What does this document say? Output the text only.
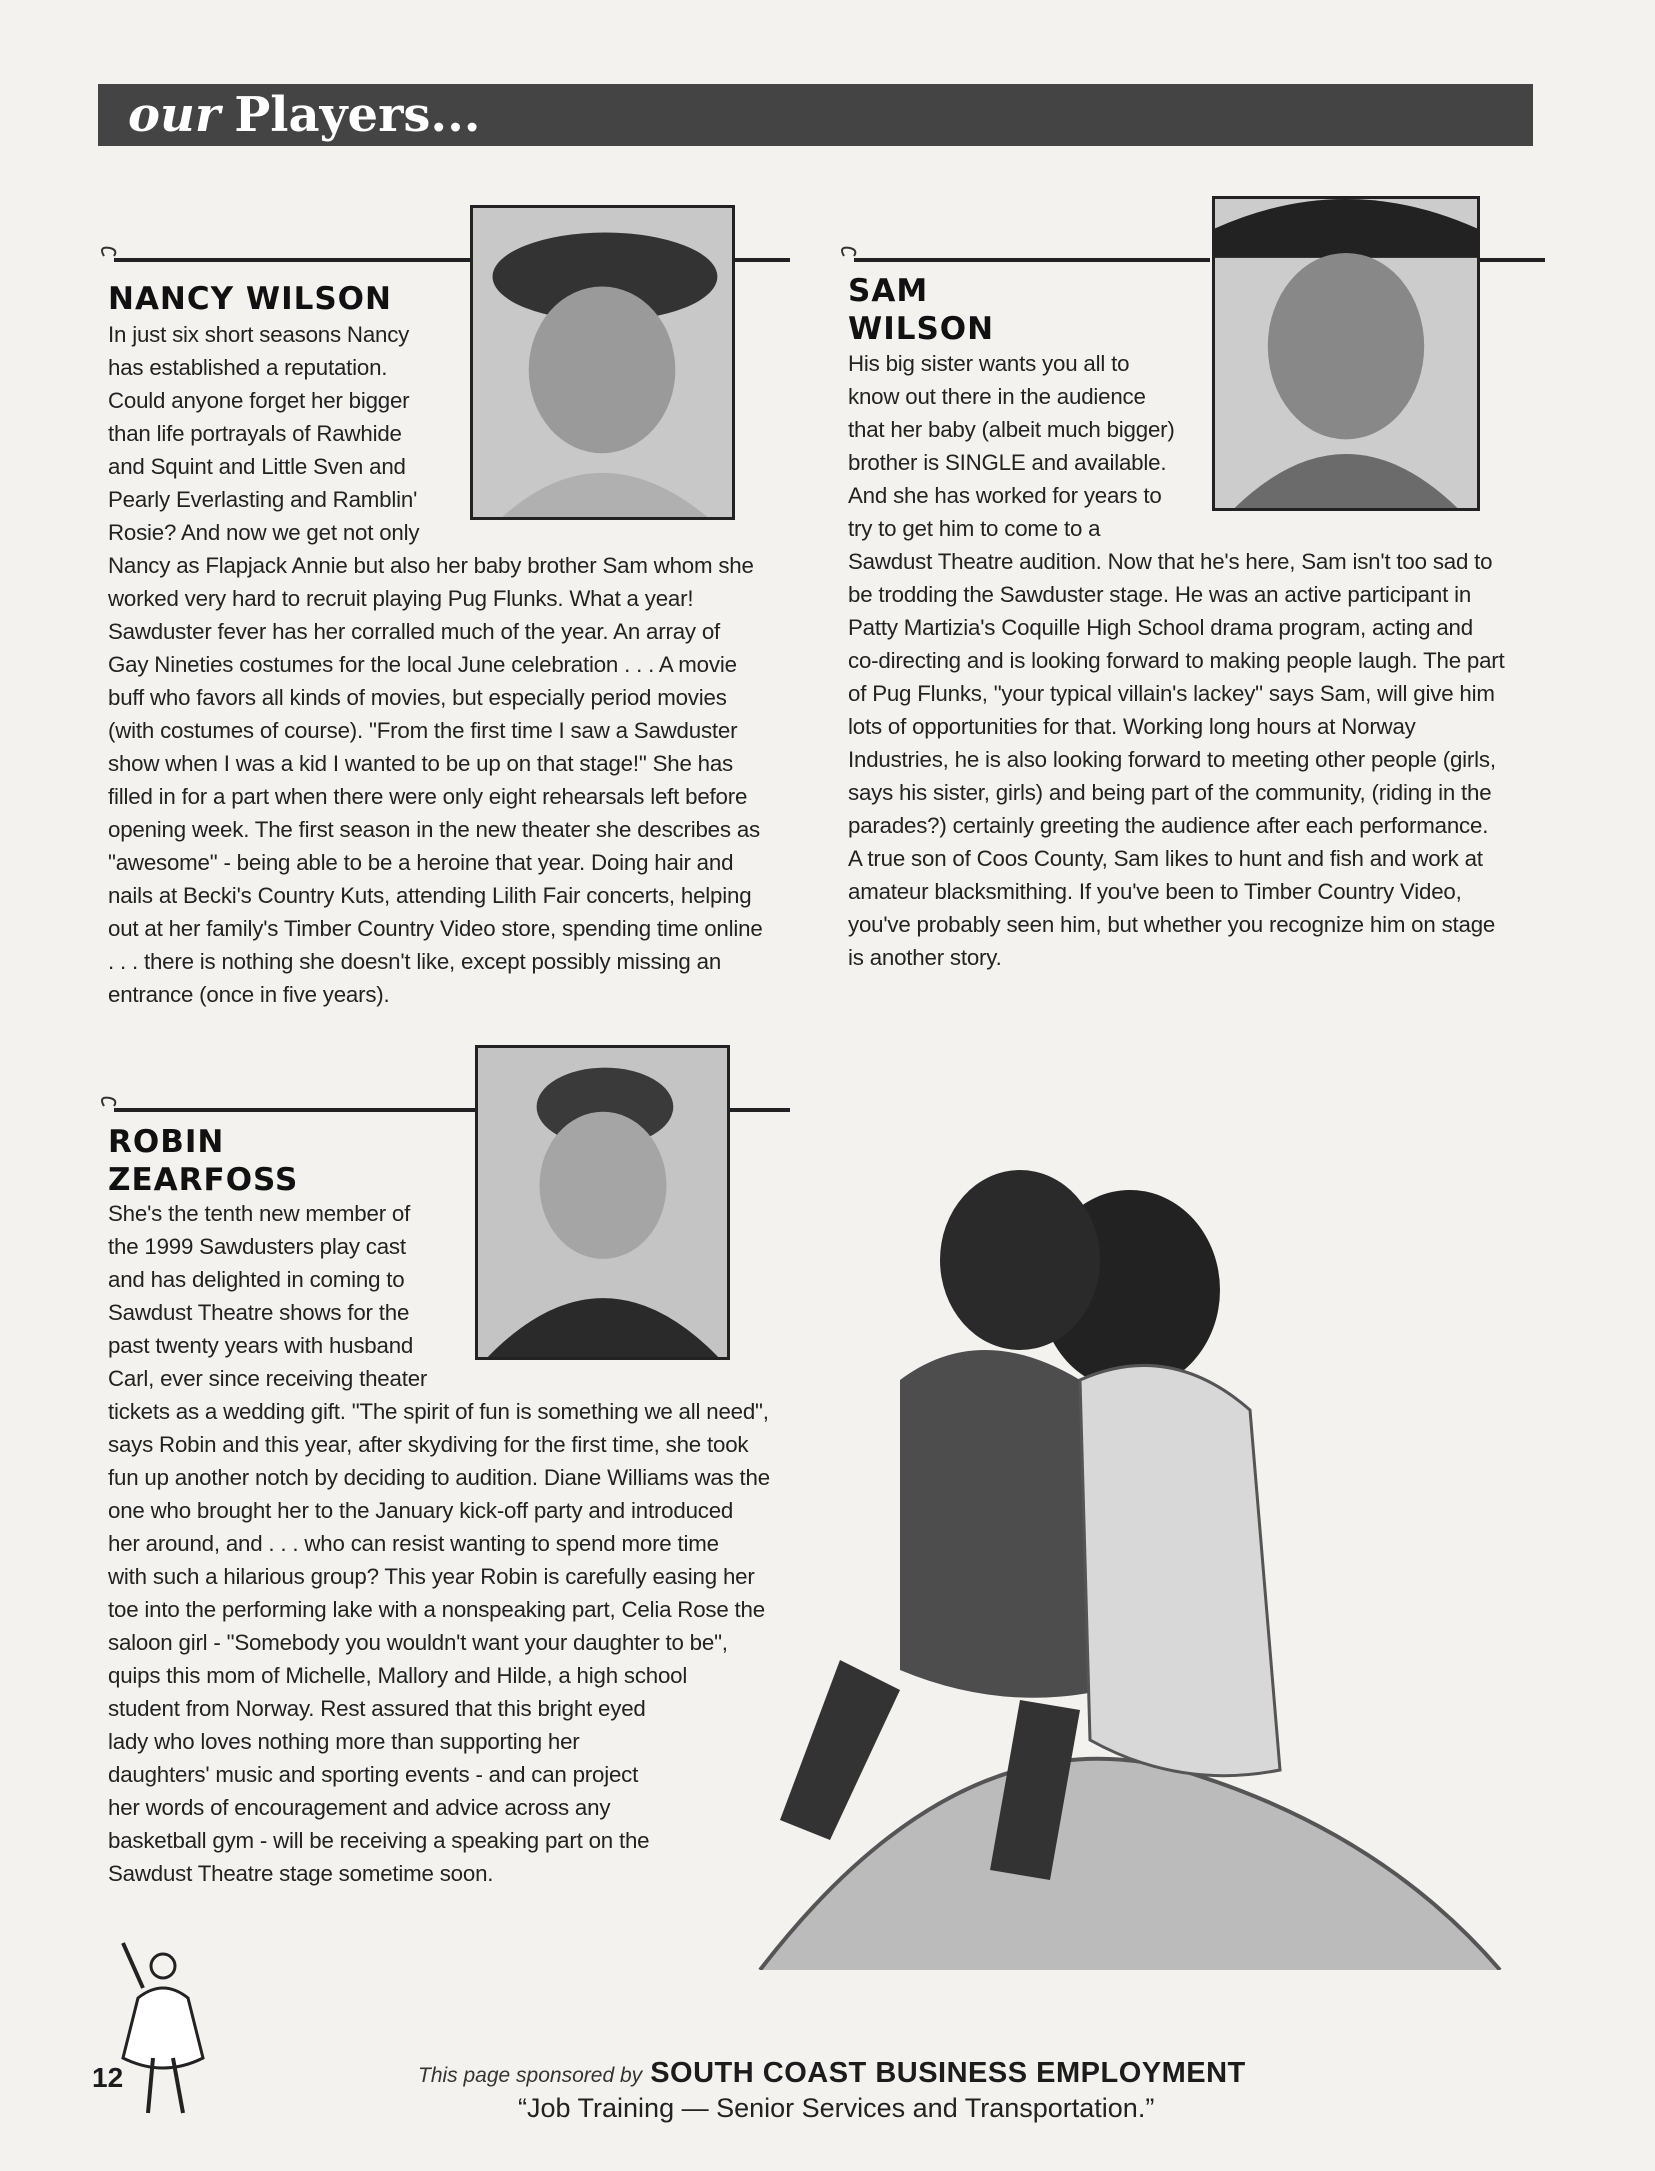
our Players...
NANCY WILSON	SAM
WILSON
ROBIN
ZEARFOSS
In just six short seasons Nancy
has established a reputation.
Could anyone forget her bigger
than life portrayals of Rawhide
and Squint and Little Sven and
Pearly Everlasting and Ramblin'
Rosie? And now we get not only
Nancy as Flapjack Annie but also her baby brother Sam whom she
worked very hard to recruit playing Pug Flunks. What a year!
Sawduster fever has her corralled much of the year. An array of
Gay Nineties costumes for the local June celebration . . . A movie
buff who favors all kinds of movies, but especially period movies
(with costumes of course). "From the first time I saw a Sawduster
show when I was a kid I wanted to be up on that stage!" She has
filled in for a part when there were only eight rehearsals left before
opening week. The first season in the new theater she describes as
"awesome" - being able to be a heroine that year. Doing hair and
nails at Becki's Country Kuts, attending Lilith Fair concerts, helping
out at her family's Timber Country Video store, spending time online
. . . there is nothing she doesn't like, except possibly missing an
entrance (once in five years).
His big sister wants you all to
know out there in the audience
that her baby (albeit much bigger)
brother is SINGLE and available.
And she has worked for years to
try to get him to come to a
Sawdust Theatre audition. Now that he's here, Sam isn't too sad to
be trodding the Sawduster stage. He was an active participant in
Patty Martizia's Coquille High School drama program, acting and
co-directing and is looking forward to making people laugh. The part
of Pug Flunks, "your typical villain's lackey" says Sam, will give him
lots of opportunities for that. Working long hours at Norway
Industries, he is also looking forward to meeting other people (girls,
says his sister, girls) and being part of the community, (riding in the
parades?) certainly greeting the audience after each performance.
A true son of Coos County, Sam likes to hunt and fish and work at
amateur blacksmithing. If you've been to Timber Country Video,
you've probably seen him, but whether you recognize him on stage
is another story.
She's the tenth new member of
the 1999 Sawdusters play cast
and has delighted in coming to
Sawdust Theatre shows for the
past twenty years with husband
Carl, ever since receiving theater
tickets as a wedding gift. "The spirit of fun is something we all need",
says Robin and this year, after skydiving for the first time, she took
fun up another notch by deciding to audition. Diane Williams was the
one who brought her to the January kick-off party and introduced
her around, and . . . who can resist wanting to spend more time
with such a hilarious group? This year Robin is carefully easing her
toe into the performing lake with a nonspeaking part, Celia Rose the
saloon girl - "Somebody you wouldn't want your daughter to be",
quips this mom of Michelle, Mallory and Hilde, a high school
student from Norway. Rest assured that this bright eyed
lady who loves nothing more than supporting her
daughters' music and sporting events - and can project
her words of encouragement and advice across any
basketball gym - will be receiving a speaking part on the
Sawdust Theatre stage sometime soon.
12	This page sponsored by SOUTH COAST BUSINESS EMPLOYMENT
“Job Training — Senior Services and Transportation.”
